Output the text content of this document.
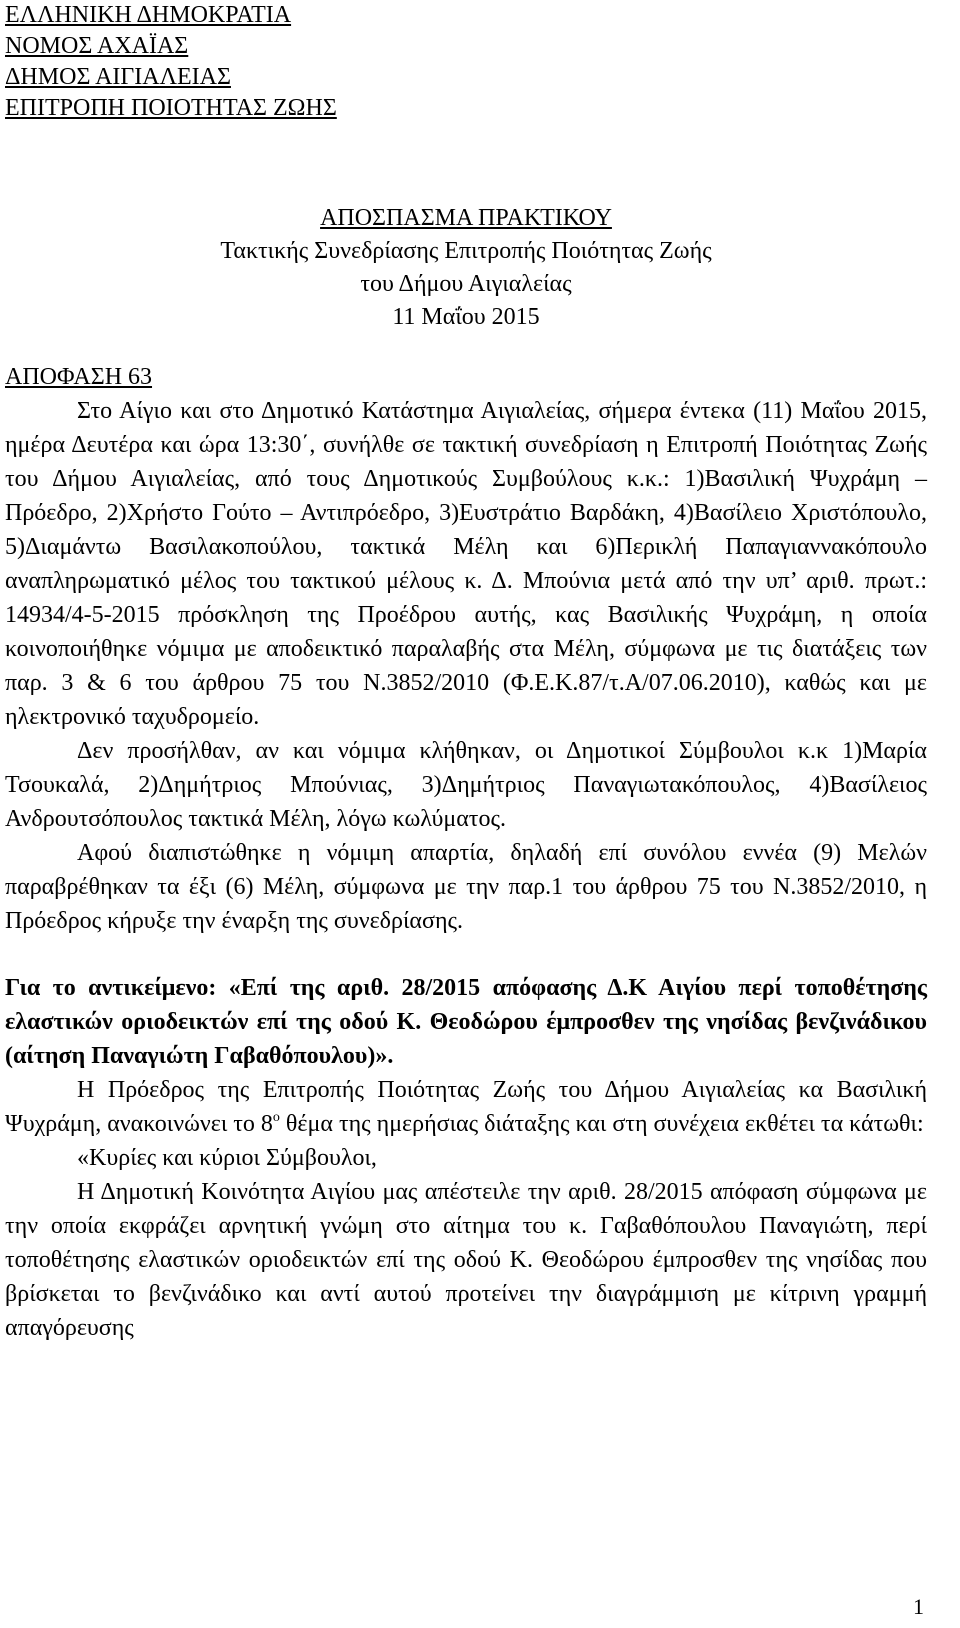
ΕΛΛΗΝΙΚΗ ΔΗΜΟΚΡΑΤΙΑ
ΝΟΜΟΣ ΑΧΑΪΑΣ
ΔΗΜΟΣ ΑΙΓΙΑΛΕΙΑΣ
ΕΠΙΤΡΟΠΗ ΠΟΙΟΤΗΤΑΣ ΖΩΗΣ
ΑΠΟΣΠΑΣΜΑ ΠΡΑΚΤΙΚΟΥ
Τακτικής Συνεδρίασης Επιτροπής Ποιότητας Ζωής
του Δήμου Αιγιαλείας
11 Μαΐου 2015
ΑΠΟΦΑΣΗ 63

Στο Αίγιο και στο Δημοτικό Κατάστημα Αιγιαλείας, σήμερα έντεκα (11) Μαΐου 2015, ημέρα Δευτέρα και ώρα 13:30΄, συνήλθε σε τακτική συνεδρίαση η Επιτροπή Ποιότητας Ζωής του Δήμου Αιγιαλείας, από τους Δημοτικούς Συμβούλους κ.κ.: 1)Βασιλική Ψυχράμη – Πρόεδρο, 2)Χρήστο Γούτο – Αντιπρόεδρο, 3)Ευστράτιο Βαρδάκη, 4)Βασίλειο Χριστόπουλο, 5)Διαμάντω Βασιλακοπούλου, τακτικά Μέλη και 6)Περικλή Παπαγιαννακόπουλο αναπληρωματικό μέλος του τακτικού μέλους κ. Δ. Μπούνια μετά από την υπ’ αριθ. πρωτ.: 14934/4-5-2015 πρόσκληση της Προέδρου αυτής, κας Βασιλικής Ψυχράμη, η οποία κοινοποιήθηκε νόμιμα με αποδεικτικό παραλαβής στα Μέλη, σύμφωνα με τις διατάξεις των παρ. 3 & 6 του άρθρου 75 του Ν.3852/2010 (Φ.Ε.Κ.87/τ.Α/07.06.2010), καθώς και με ηλεκτρονικό ταχυδρομείο.

Δεν προσήλθαν, αν και νόμιμα κλήθηκαν, οι Δημοτικοί Σύμβουλοι κ.κ 1)Μαρία Τσουκαλά, 2)Δημήτριος Μπούνιας, 3)Δημήτριος Παναγιωτακόπουλος, 4)Βασίλειος Ανδρουτσόπουλος τακτικά Μέλη, λόγω κωλύματος.

Αφού διαπιστώθηκε η νόμιμη απαρτία, δηλαδή επί συνόλου εννέα (9) Μελών παραβρέθηκαν τα έξι (6) Μέλη, σύμφωνα με την παρ.1 του άρθρου 75 του Ν.3852/2010, η Πρόεδρος κήρυξε την έναρξη της συνεδρίασης.

Για το αντικείμενο: «Επί της αριθ. 28/2015 απόφασης Δ.Κ Αιγίου περί τοποθέτησης ελαστικών οριοδεικτών επί της οδού Κ. Θεοδώρου έμπροσθεν της νησίδας βενζινάδικου (αίτηση Παναγιώτη Γαβαθόπουλου)».

Η Πρόεδρος της Επιτροπής Ποιότητας Ζωής του Δήμου Αιγιαλείας κα Βασιλική Ψυχράμη, ανακοινώνει το $8^o$ θέμα της ημερήσιας διάταξης και στη συνέχεια εκθέτει τα κάτωθι:

«Κυρίες και κύριοι Σύμβουλοι,

Η Δημοτική Κοινότητα Αιγίου μας απέστειλε την αριθ. 28/2015 απόφαση σύμφωνα με την οποία εκφράζει αρνητική γνώμη στο αίτημα του κ. Γαβαθόπουλου Παναγιώτη, περί τοποθέτησης ελαστικών οριοδεικτών επί της οδού Κ. Θεοδώρου έμπροσθεν της νησίδας που βρίσκεται το βενζινάδικο και αντί αυτού προτείνει την διαγράμμιση με κίτρινη γραμμή απαγόρευσης

1
